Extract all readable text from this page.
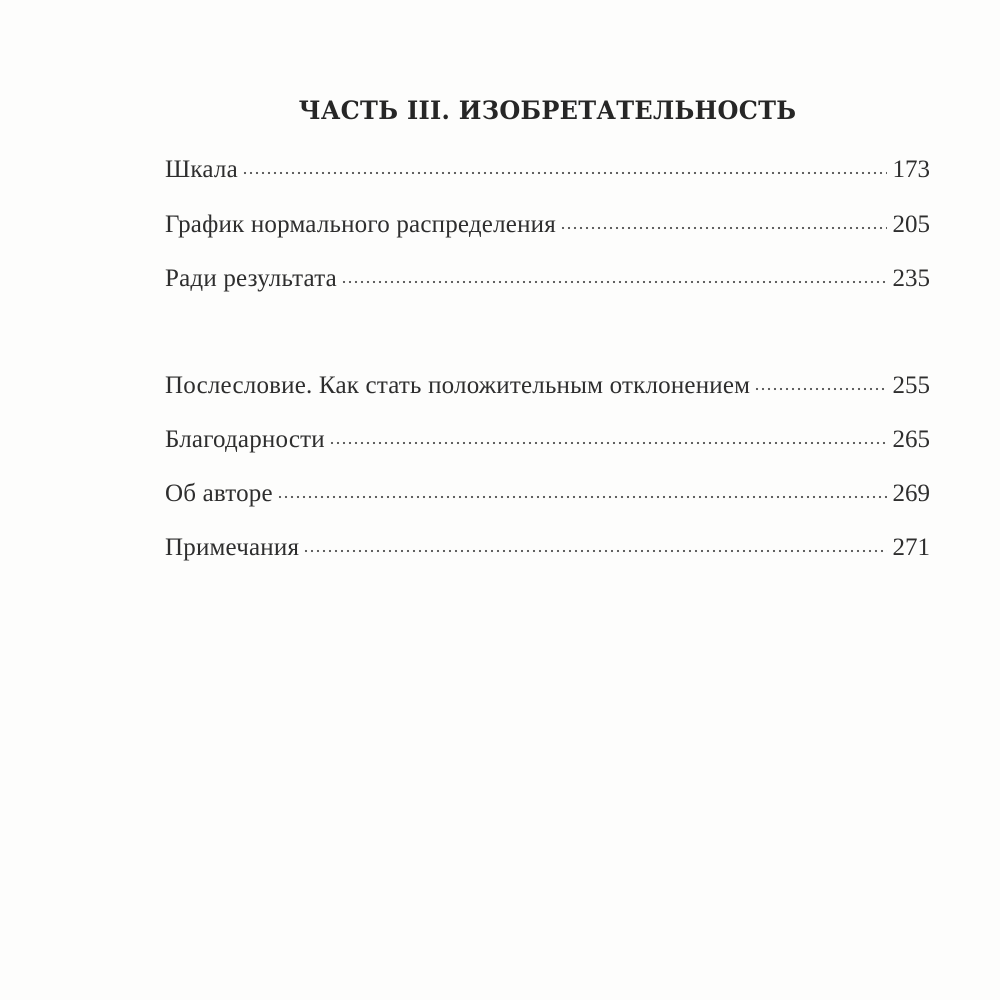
ЧАСТЬ III. ИЗОБРЕТАТЕЛЬНОСТЬ
Шкала	173
График нормального распределения	205
Ради результата	235
Послесловие. Как стать положительным отклонением	255
Благодарности	265
Об авторе	269
Примечания	271
